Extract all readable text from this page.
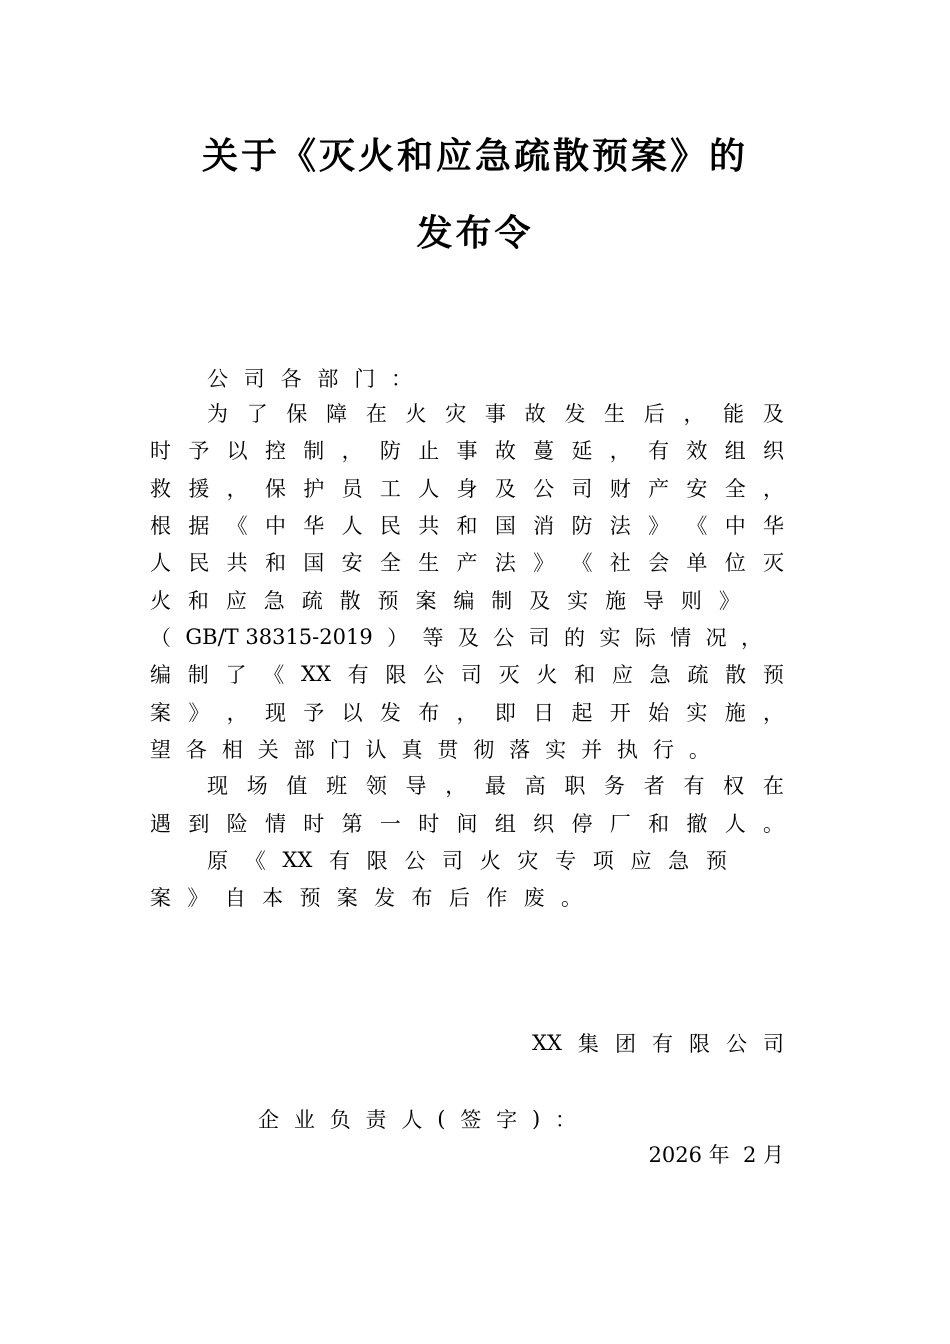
关于《灭火和应急疏散预案》的
发布令
公 司 各 部 门 ：
为 了 保 障 在 火 灾 事 故 发 生 后 ， 能 及
时 予 以 控 制 ， 防 止 事 故 蔓 延 ， 有 效 组 织
救 援 ， 保 护 员 工 人 身 及 公 司 财 产 安 全 ，
根 据 《 中 华 人 民 共 和 国 消 防 法 》 《 中 华
人 民 共 和 国 安 全 生 产 法 》 《 社 会 单 位 灭
火 和 应 急 疏 散 预 案 编 制 及 实 施 导 则 》
（ GB/T 38315-2019 ） 等 及 公 司 的 实 际 情 况 ，
编 制 了 《 XX 有 限 公 司 灭 火 和 应 急 疏 散 预
案 》 ， 现 予 以 发 布 ， 即 日 起 开 始 实 施 ，
望 各 相 关 部 门 认 真 贯 彻 落 实 并 执 行 。
现 场 值 班 领 导 ， 最 高 职 务 者 有 权 在
遇 到 险 情 时 第 一 时 间 组 织 停 厂 和 撤 人 。
原 《 XX 有 限 公 司 火 灾 专 项 应 急 预
案 》 自 本 预 案 发 布 后 作 废 。
XX 集 团 有 限 公 司
企 业 负 责 人 ( 签 字 ) ：
2026 年  2 月
